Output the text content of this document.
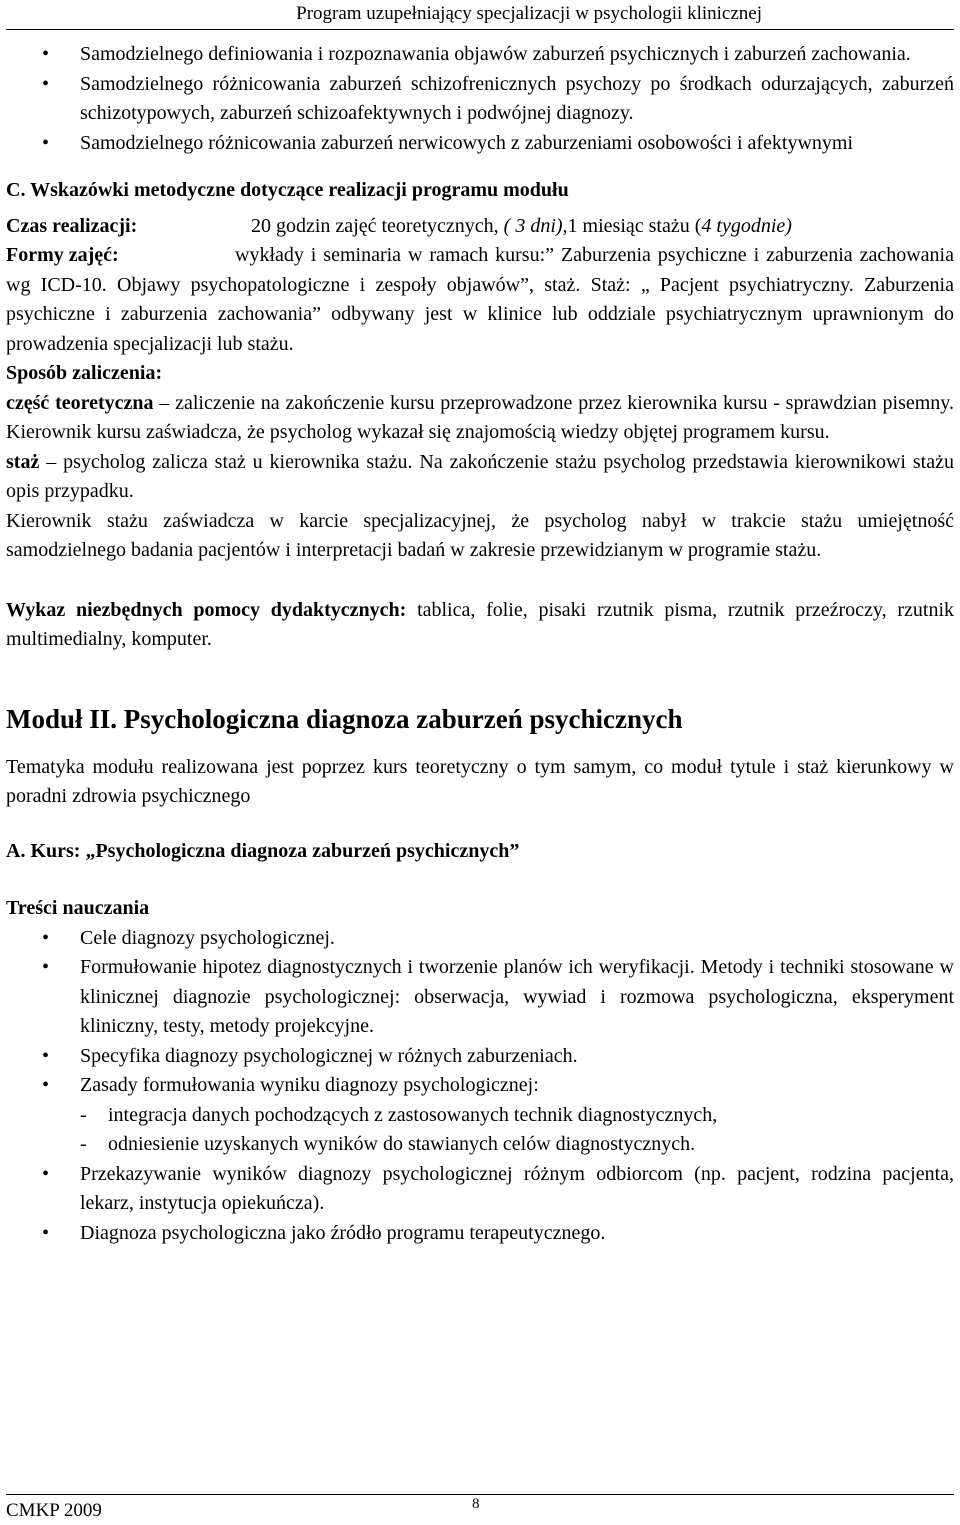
Program uzupełniający specjalizacji w psychologii klinicznej
• Samodzielnego definiowania i rozpoznawania objawów zaburzeń psychicznych i zaburzeń zachowania.
• Samodzielnego różnicowania zaburzeń schizofrenicznych psychozy po środkach odurzających, zaburzeń schizotypowych, zaburzeń schizoafektywnych i podwójnej diagnozy.
• Samodzielnego różnicowania zaburzeń nerwicowych z zaburzeniami osobowości i afektywnymi

C. Wskazówki metodyczne dotyczące realizacji programu modułu

Czas realizacji:	20 godzin zajęć teoretycznych, ( 3 dni),1 miesiąc stażu (4 tygodnie)

Formy zajęć:	wykłady i seminaria w ramach kursu:” Zaburzenia psychiczne i zaburzenia zachowania wg ICD-10. Objawy psychopatologiczne i zespoły objawów”, staż. Staż: „ Pacjent psychiatryczny. Zaburzenia psychiczne i zaburzenia zachowania” odbywany jest w klinice lub oddziale psychiatrycznym uprawnionym do prowadzenia specjalizacji lub stażu.

Sposób zaliczenia:

część teoretyczna – zaliczenie na zakończenie kursu przeprowadzone przez kierownika kursu - sprawdzian pisemny. Kierownik kursu zaświadcza, że psycholog wykazał się znajomością wiedzy objętej programem kursu.

staż – psycholog zalicza staż u kierownika stażu. Na zakończenie stażu psycholog przedstawia kierownikowi stażu opis przypadku.

Kierownik stażu zaświadcza w karcie specjalizacyjnej, że psycholog nabył w trakcie stażu umiejętność samodzielnego badania pacjentów i interpretacji badań w zakresie przewidzianym w programie stażu.

Wykaz niezbędnych pomocy dydaktycznych: tablica, folie, pisaki rzutnik pisma, rzutnik przeźroczy, rzutnik multimedialny, komputer.

Moduł II. Psychologiczna diagnoza zaburzeń psychicznych

Tematyka modułu realizowana jest poprzez kurs teoretyczny o tym samym, co moduł tytule i staż kierunkowy w poradni zdrowia psychicznego

A. Kurs: „Psychologiczna diagnoza zaburzeń psychicznych”

Treści nauczania

• Cele diagnozy psychologicznej.
• Formułowanie hipotez diagnostycznych i tworzenie planów ich weryfikacji. Metody i techniki stosowane w klinicznej diagnozie psychologicznej: obserwacja, wywiad i rozmowa psychologiczna, eksperyment kliniczny, testy, metody projekcyjne.
• Specyfika diagnozy psychologicznej w różnych zaburzeniach.
• Zasady formułowania wyniku diagnozy psychologicznej:
- integracja danych pochodzących z zastosowanych technik diagnostycznych,
- odniesienie uzyskanych wyników do stawianych celów diagnostycznych.
• Przekazywanie wyników diagnozy psychologicznej różnym odbiorcom (np. pacjent, rodzina pacjenta, lekarz, instytucja opiekuńcza).
• Diagnoza psychologiczna jako źródło programu terapeutycznego.
CMKP 2009	8
